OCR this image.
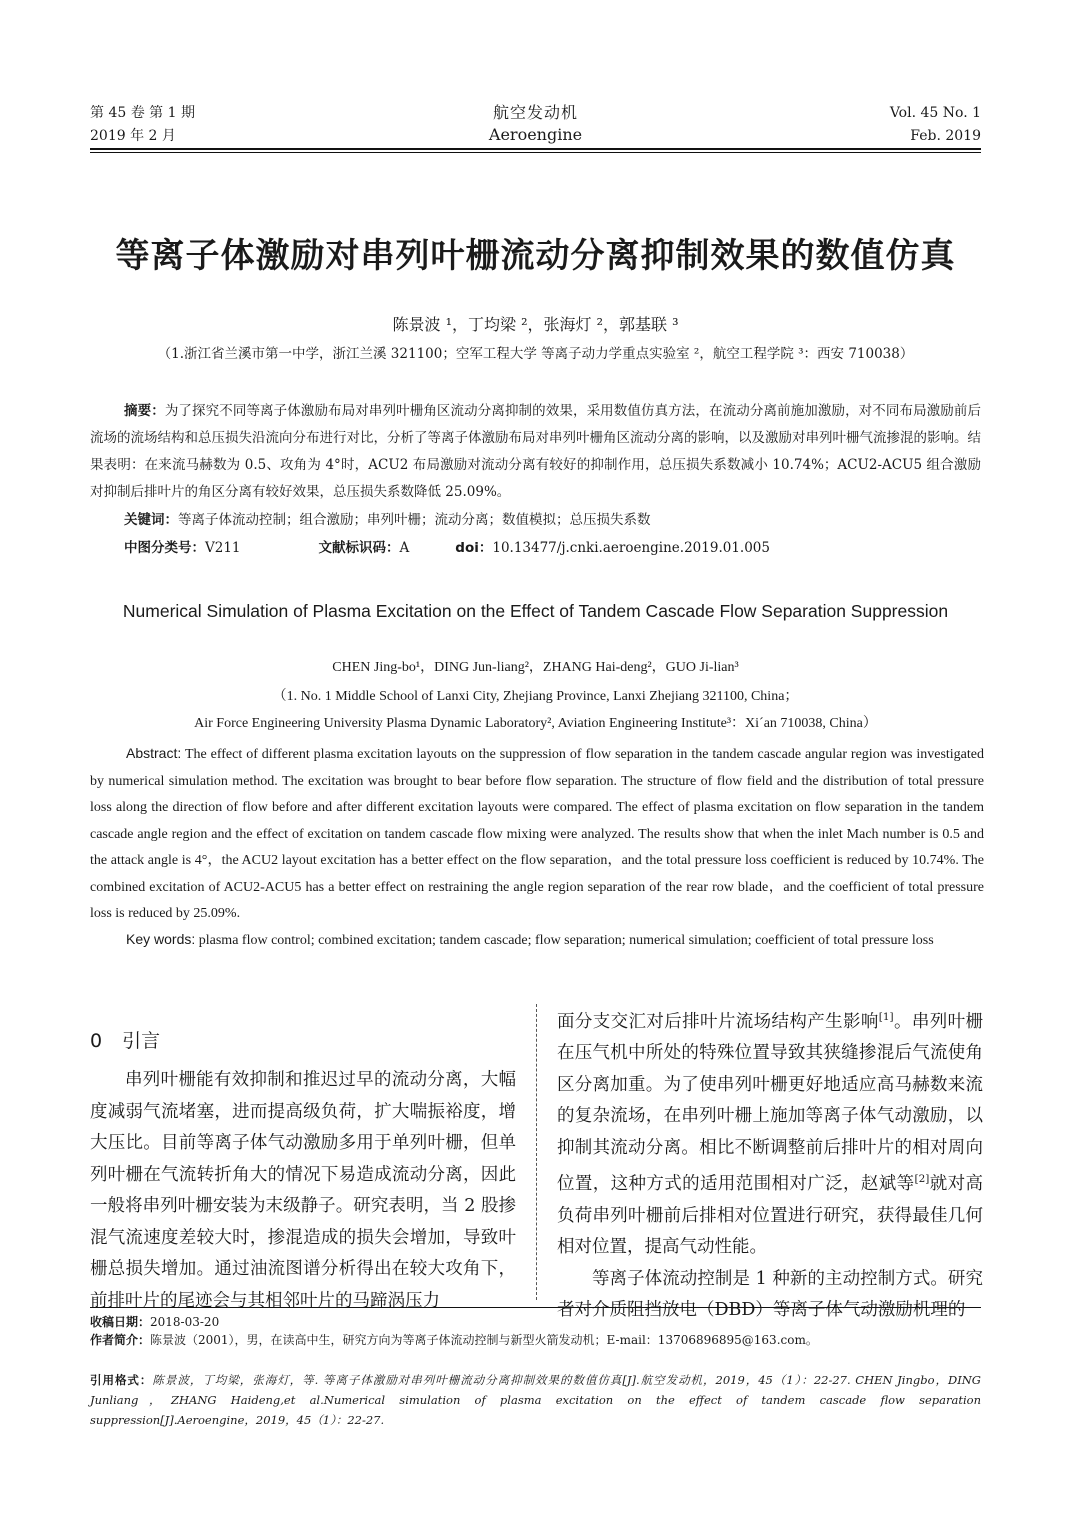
第 45 卷 第 1 期
2019 年 2 月
航空发动机
Aeroengine
Vol. 45 No. 1
Feb. 2019
等离子体激励对串列叶栅流动分离抑制效果的数值仿真
陈景波 ¹，丁均梁 ²，张海灯 ²，郭基联 ³
（1.浙江省兰溪市第一中学，浙江兰溪 321100；空军工程大学 等离子动力学重点实验室 ²，航空工程学院 ³：西安 710038）

摘要：为了探究不同等离子体激励布局对串列叶栅角区流动分离抑制的效果，采用数值仿真方法，在流动分离前施加激励，对不同布局激励前后流场的流场结构和总压损失沿流向分布进行对比，分析了等离子体激励布局对串列叶栅角区流动分离的影响，以及激励对串列叶栅气流掺混的影响。结果表明：在来流马赫数为 0.5、攻角为 4°时，ACU2 布局激励对流动分离有较好的抑制作用，总压损失系数减小 10.74%；ACU2-ACU5 组合激励对抑制后排叶片的角区分离有较好效果，总压损失系数降低 25.09%。

关键词：等离子体流动控制；组合激励；串列叶栅；流动分离；数值模拟；总压损失系数
中图分类号：V211	文献标识码：A	doi：10.13477/j.cnki.aeroengine.2019.01.005
Numerical Simulation of Plasma Excitation on the Effect of Tandem Cascade Flow Separation Suppression
CHEN Jing-bo¹，DING Jun-liang²，ZHANG Hai-deng²，GUO Ji-lian³
（1. No. 1 Middle School of Lanxi City, Zhejiang Province, Lanxi Zhejiang 321100, China；
Air Force Engineering University Plasma Dynamic Laboratory², Aviation Engineering Institute³：Xi´an 710038, China）

Abstract: The effect of different plasma excitation layouts on the suppression of flow separation in the tandem cascade angular region was investigated by numerical simulation method. The excitation was brought to bear before flow separation. The structure of flow field and the distribution of total pressure loss along the direction of flow before and after different excitation layouts were compared. The effect of plasma excitation on flow separation in the tandem cascade angle region and the effect of excitation on tandem cascade flow mixing were analyzed. The results show that when the inlet Mach number is 0.5 and the attack angle is 4°，the ACU2 layout excitation has a better effect on the flow separation，and the total pressure loss coefficient is reduced by 10.74%. The combined excitation of ACU2-ACU5 has a better effect on restraining the angle region separation of the rear row blade，and the coefficient of total pressure loss is reduced by 25.09%.

Key words: plasma flow control; combined excitation; tandem cascade; flow separation; numerical simulation; coefficient of total pressure loss

0 引言

串列叶栅能有效抑制和推迟过早的流动分离，大幅度减弱气流堵塞，进而提高级负荷，扩大喘振裕度，增大压比。目前等离子体气动激励多用于单列叶栅，但单列叶栅在气流转折角大的情况下易造成流动分离，因此一般将串列叶栅安装为末级静子。研究表明，当 2 股掺混气流速度差较大时，掺混造成的损失会增加，导致叶栅总损失增加。通过油流图谱分析得出在较大攻角下，前排叶片的尾迹会与其相邻叶片的马蹄涡压力

面分支交汇对后排叶片流场结构产生影响[1]。串列叶栅在压气机中所处的特殊位置导致其狭缝掺混后气流使角区分离加重。为了使串列叶栅更好地适应高马赫数来流的复杂流场，在串列叶栅上施加等离子体气动激励，以抑制其流动分离。相比不断调整前后排叶片的相对周向位置，这种方式的适用范围相对广泛，赵斌等[2]就对高负荷串列叶栅前后排相对位置进行研究，获得最佳几何相对位置，提高气动性能。

等离子体流动控制是 1 种新的主动控制方式。研究者对介质阻挡放电（DBD）等离子体气动激励机理的

收稿日期：2018-03-20
作者简介：陈景波（2001），男，在读高中生，研究方向为等离子体流动控制与新型火箭发动机；E-mail：13706896895@163.com。
引用格式：陈景波，丁均梁，张海灯，等. 等离子体激励对串列叶栅流动分离抑制效果的数值仿真[J].航空发动机，2019，45（1）：22-27. CHEN Jingbo，DING Junliang，ZHANG Haideng,et al.Numerical simulation of plasma excitation on the effect of tandem cascade flow separation suppression[J].Aeroengine，2019，45（1）：22-27.
